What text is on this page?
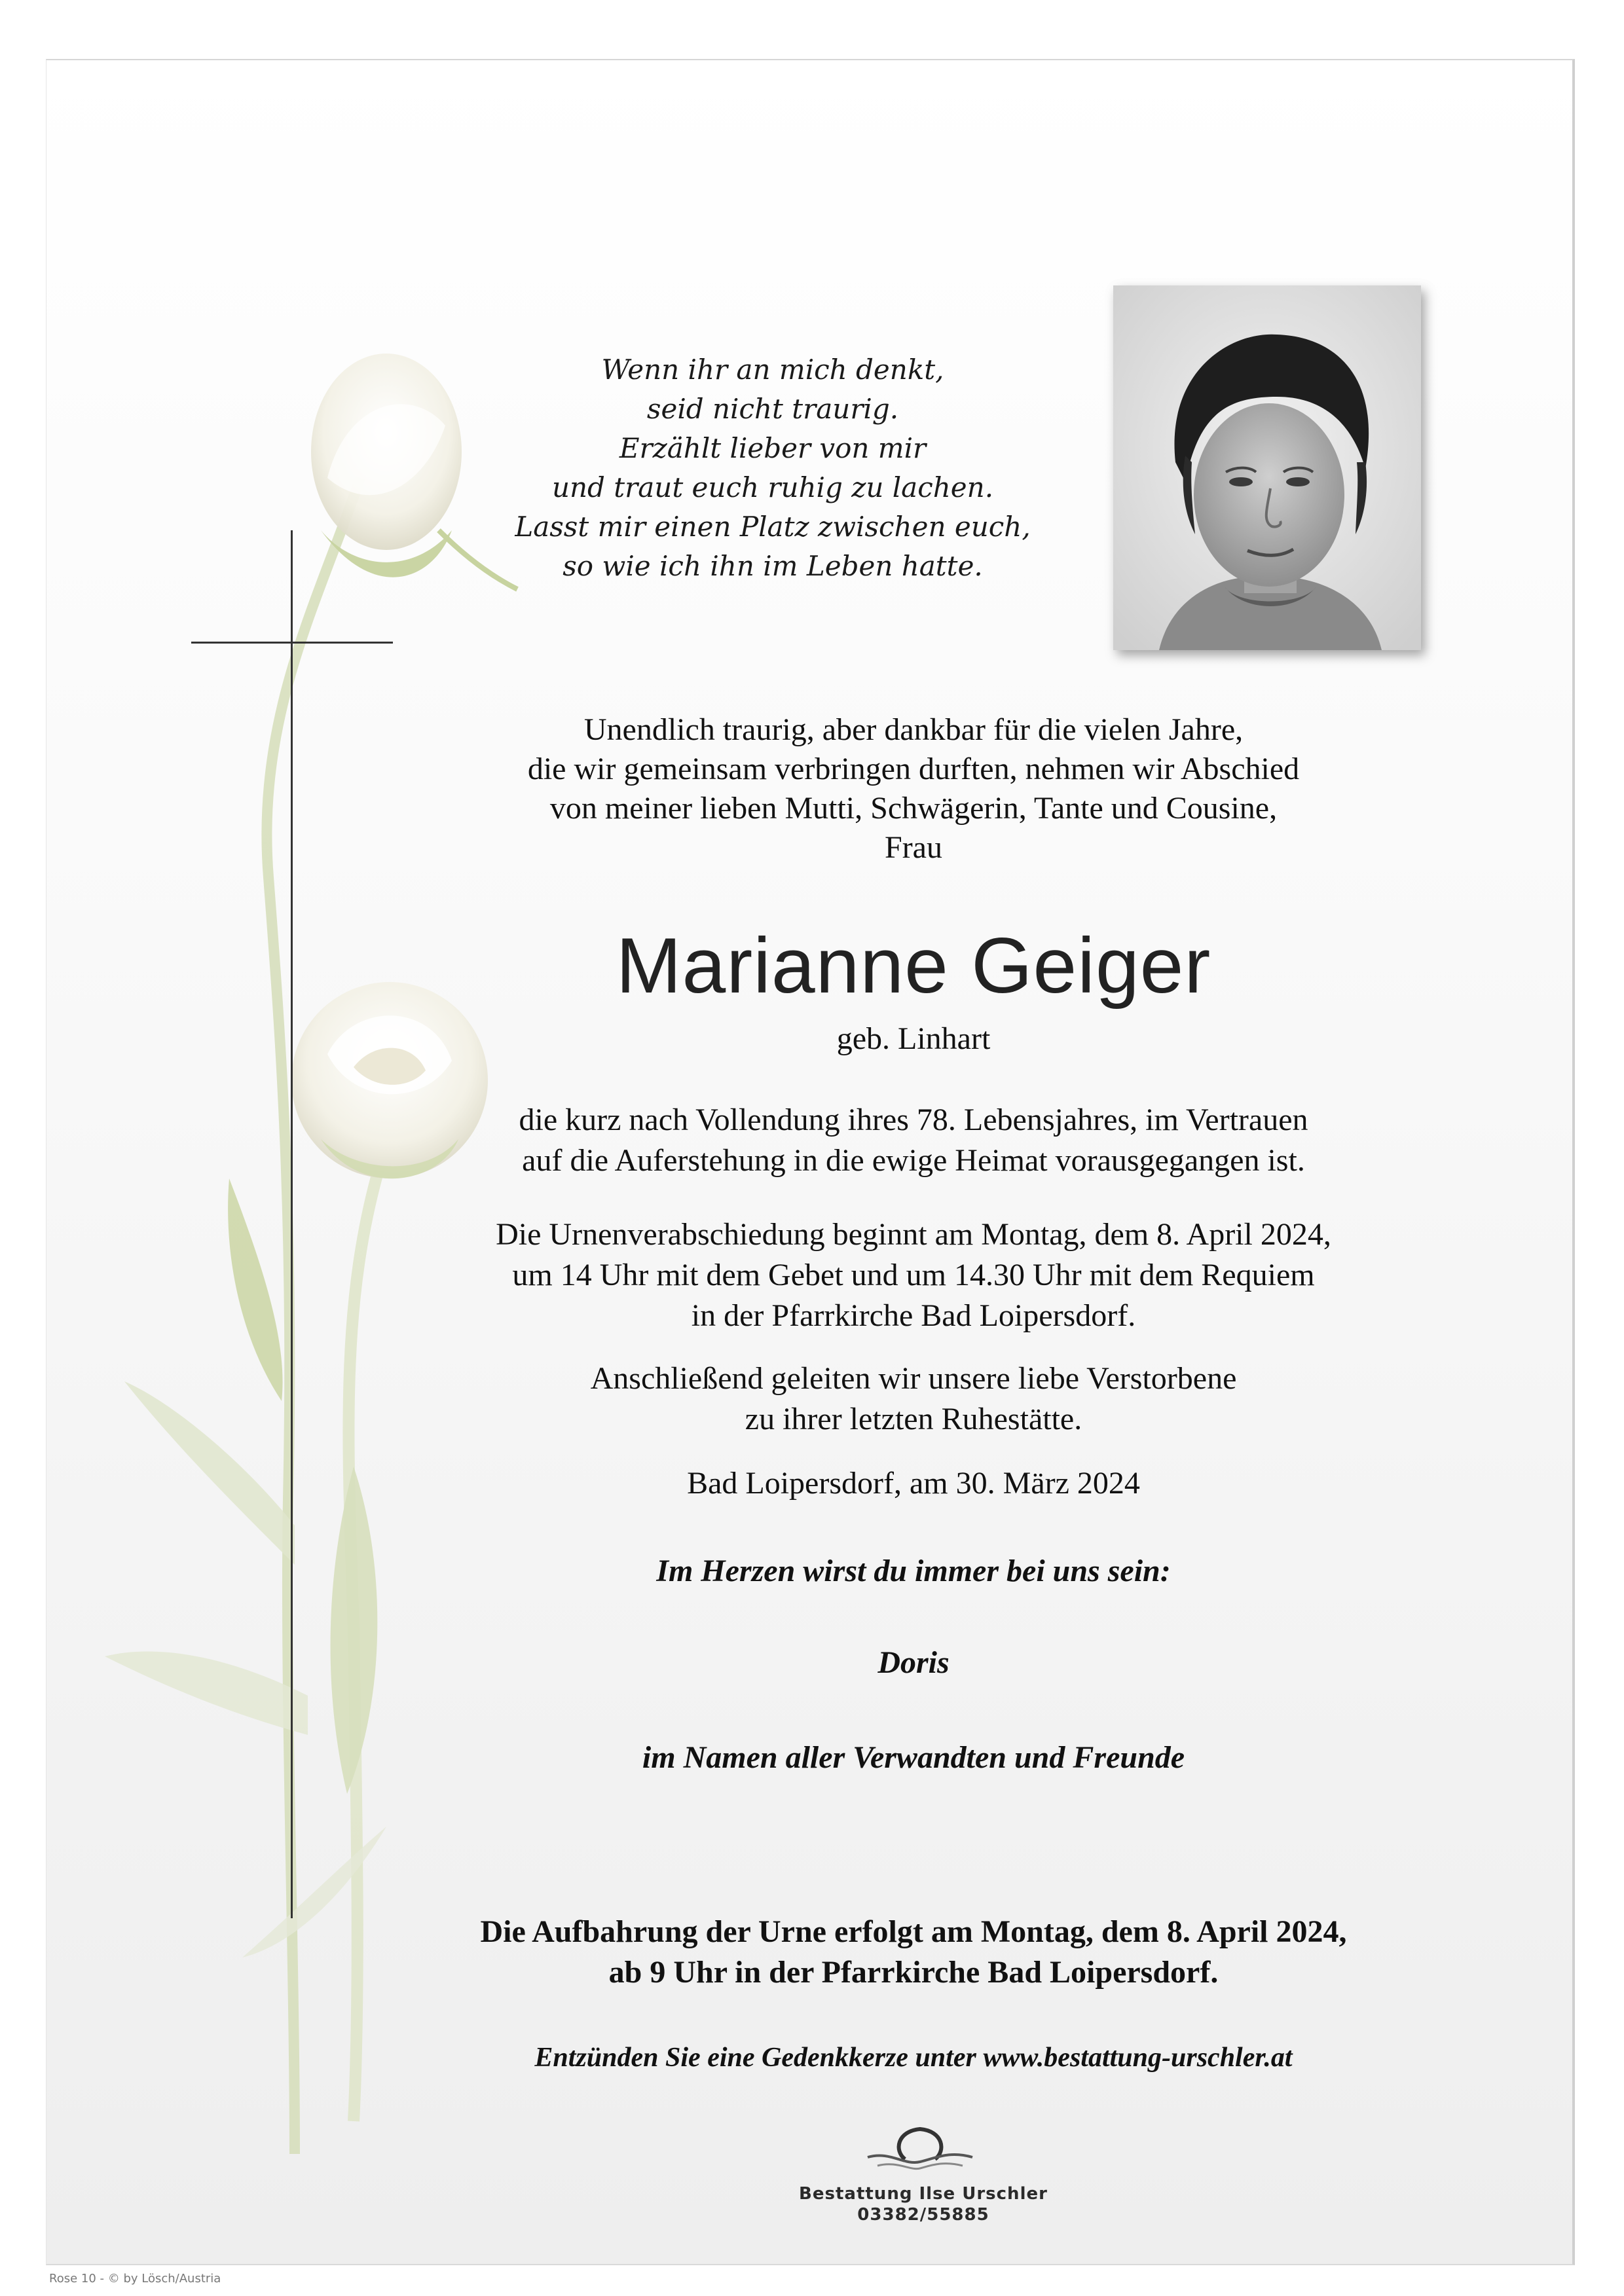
Wenn ihr an mich denkt,
seid nicht traurig.
Erzählt lieber von mir
und traut euch ruhig zu lachen.
Lasst mir einen Platz zwischen euch,
so wie ich ihn im Leben hatte.
Unendlich traurig, aber dankbar für die vielen Jahre,
die wir gemeinsam verbringen durften, nehmen wir Abschied
von meiner lieben Mutti, Schwägerin, Tante und Cousine,
Frau
Marianne Geiger
geb. Linhart
die kurz nach Vollendung ihres 78. Lebensjahres, im Vertrauen
auf die Auferstehung in die ewige Heimat vorausgegangen ist.
Die Urnenverabschiedung beginnt am Montag, dem 8. April 2024,
um 14 Uhr mit dem Gebet und um 14.30 Uhr mit dem Requiem
in der Pfarrkirche Bad Loipersdorf.
Anschließend geleiten wir unsere liebe Verstorbene
zu ihrer letzten Ruhestätte.
Bad Loipersdorf, am 30. März 2024
Im Herzen wirst du immer bei uns sein:
Doris
im Namen aller Verwandten und Freunde
Die Aufbahrung der Urne erfolgt am Montag, dem 8. April 2024,
ab 9 Uhr in der Pfarrkirche Bad Loipersdorf.
Entzünden Sie eine Gedenkkerze unter www.bestattung-urschler.at
Bestattung Ilse Urschler
03382/55885
Rose 10 - © by Lösch/Austria
